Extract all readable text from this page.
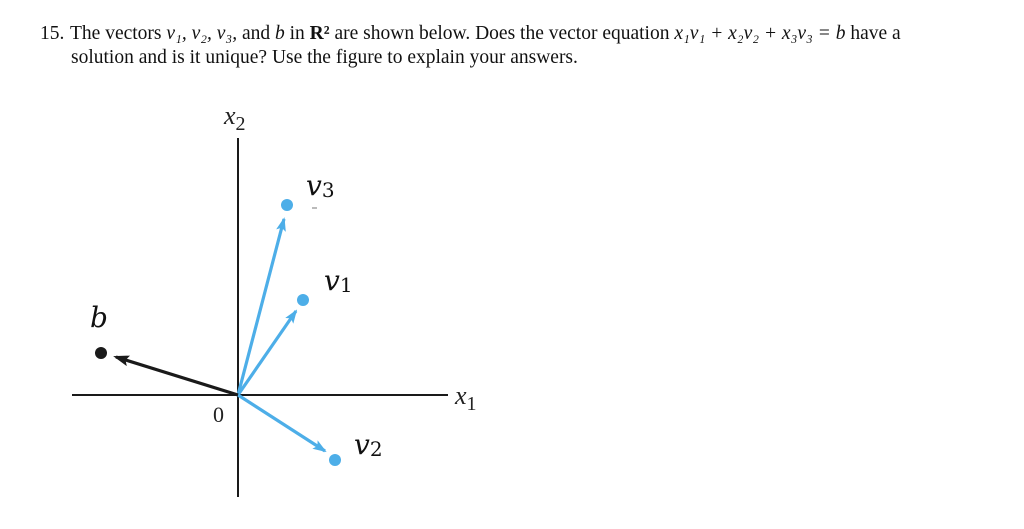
15. The vectors v₁, v₂, v₃, and b in R² are shown below. Does the vector equation x₁v₁ + x₂v₂ + x₃v₃ = b have a
solution and is it unique? Use the figure to explain your answers.
$x_1$
$x_2$
0
v3
v1
v2
b
